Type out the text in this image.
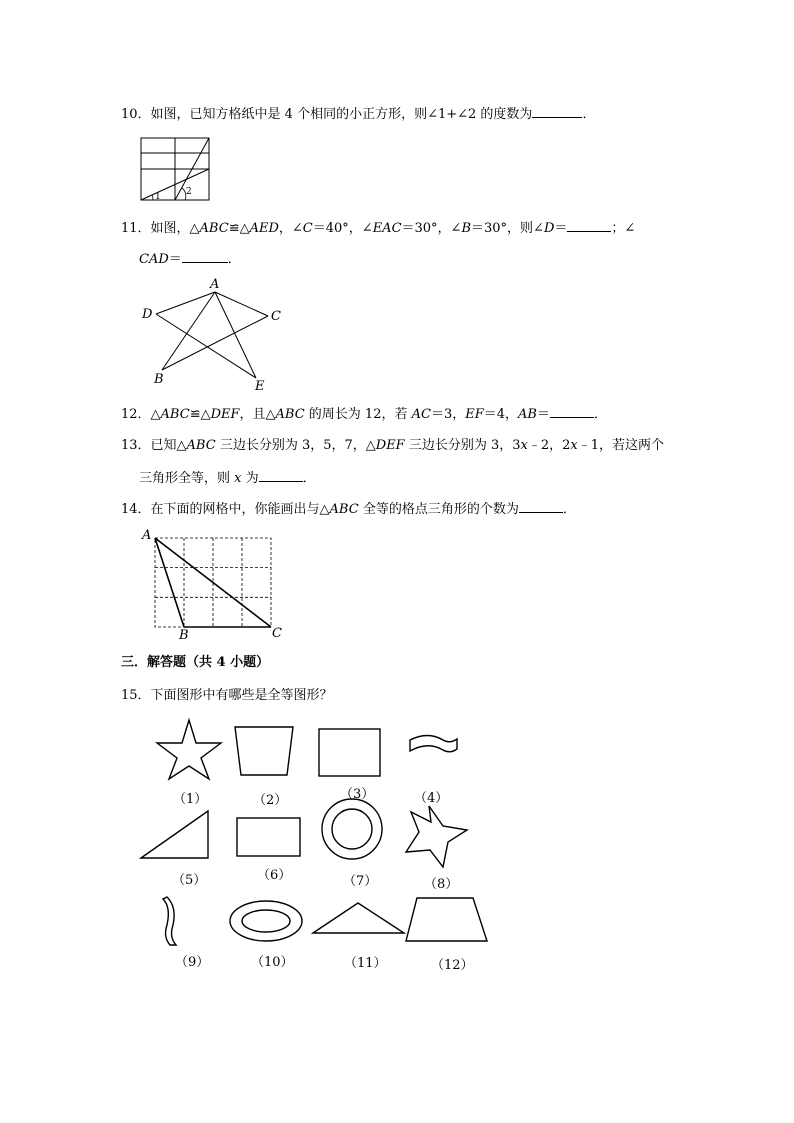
10．如图，已知方格纸中是 4 个相同的小正方形，则∠1+∠2 的度数为	．
1	2
11．如图，△ABC≌△AED，∠C＝40°，∠EAC＝30°，∠B＝30°，则∠D＝	；∠
CAD＝	．
A
D	C
B	E
12．△ABC≌△DEF，且△ABC 的周长为 12，若 AC＝3，EF＝4，AB＝	．
13．已知△ABC 三边长分别为 3，5，7，△DEF 三边长分别为 3，3x﹣2，2x﹣1，若这两个
三角形全等，则 x 为	．
14．在下面的网格中，你能画出与△ABC 全等的格点三角形的个数为	．
A
B	C
三．解答题（共 4 小题）
15．下面图形中有哪些是全等图形？
（1）	（2）	（3）	（4）
（5）	（6）	（7）	（8）
（9）	（10）	（11）	（12）
